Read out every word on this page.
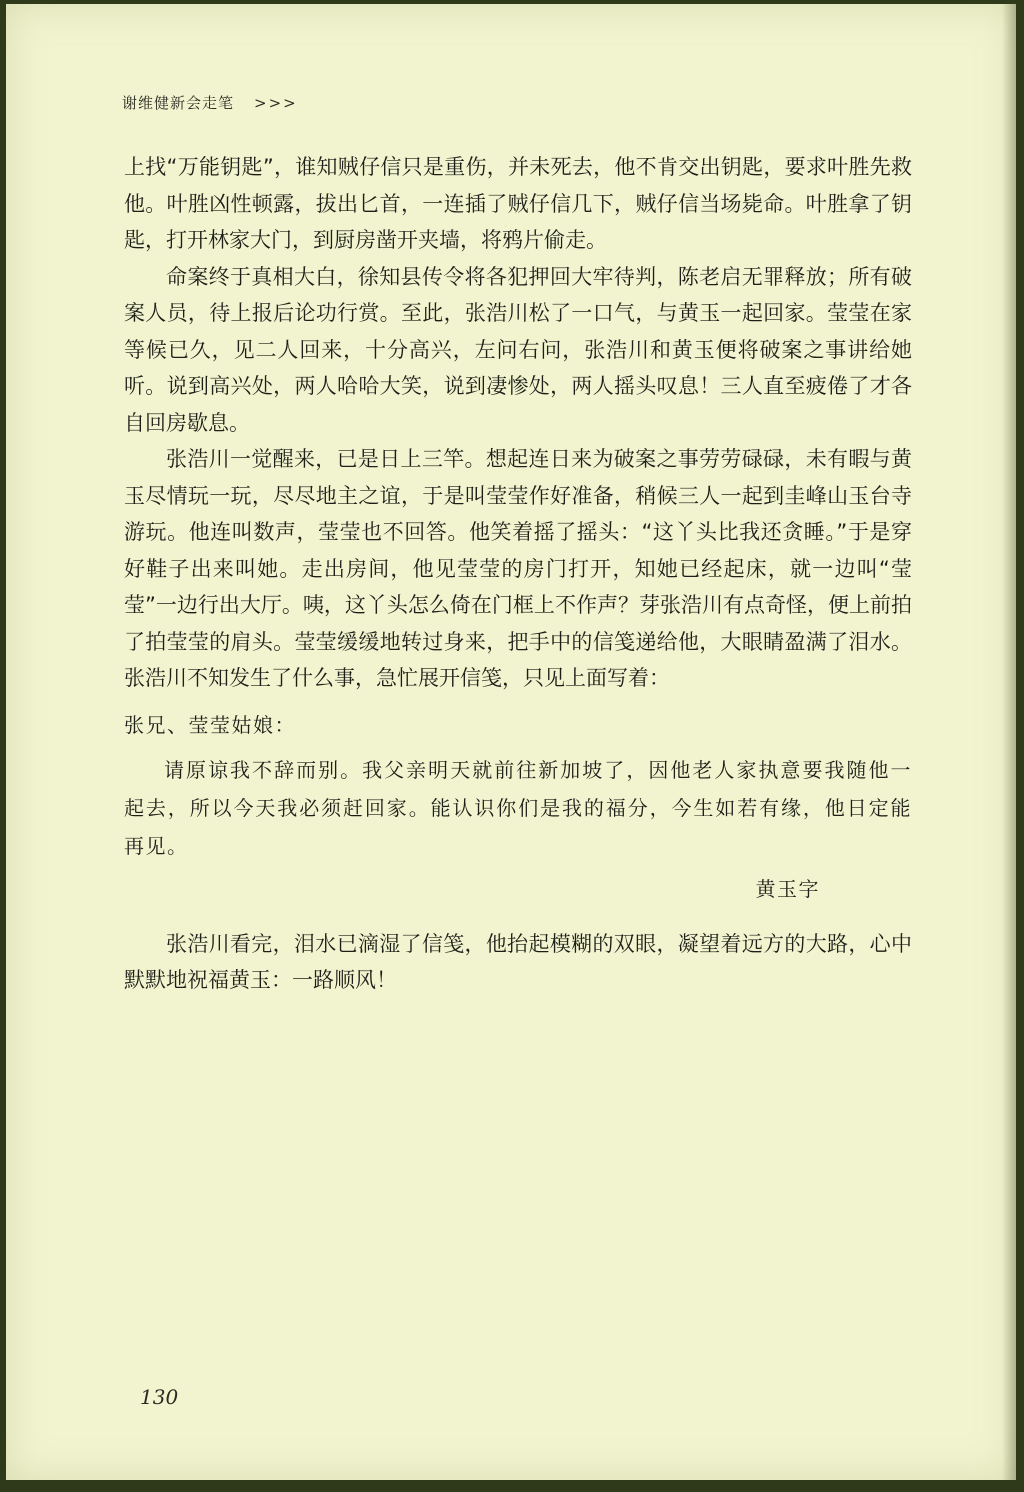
谢维健新会走笔 >>>

上找“万能钥匙”，谁知贼仔信只是重伤，并未死去，他不肯交出钥匙，要求叶胜先救他。叶胜凶性顿露，拔出匕首，一连插了贼仔信几下，贼仔信当场毙命。叶胜拿了钥匙，打开林家大门，到厨房凿开夹墙，将鸦片偷走。

命案终于真相大白，徐知县传令将各犯押回大牢待判，陈老启无罪释放；所有破案人员，待上报后论功行赏。至此，张浩川松了一口气，与黄玉一起回家。莹莹在家等候已久，见二人回来，十分高兴，左问右问，张浩川和黄玉便将破案之事讲给她听。说到高兴处，两人哈哈大笑，说到凄惨处，两人摇头叹息！三人直至疲倦了才各自回房歇息。

张浩川一觉醒来，已是日上三竿。想起连日来为破案之事劳劳碌碌，未有暇与黄玉尽情玩一玩，尽尽地主之谊，于是叫莹莹作好准备，稍候三人一起到圭峰山玉台寺游玩。他连叫数声，莹莹也不回答。他笑着摇了摇头：“这丫头比我还贪睡。”于是穿好鞋子出来叫她。走出房间，他见莹莹的房门打开，知她已经起床，就一边叫“莹莹”一边行出大厅。咦，这丫头怎么倚在门框上不作声？芽张浩川有点奇怪，便上前拍了拍莹莹的肩头。莹莹缓缓地转过身来，把手中的信笺递给他，大眼睛盈满了泪水。张浩川不知发生了什么事，急忙展开信笺，只见上面写着：

张兄、莹莹姑娘：

请原谅我不辞而别。我父亲明天就前往新加坡了，因他老人家执意要我随他一起去，所以今天我必须赶回家。能认识你们是我的福分，今生如若有缘，他日定能再见。

黄玉字

张浩川看完，泪水已滴湿了信笺，他抬起模糊的双眼，凝望着远方的大路，心中默默地祝福黄玉：一路顺风！

130
